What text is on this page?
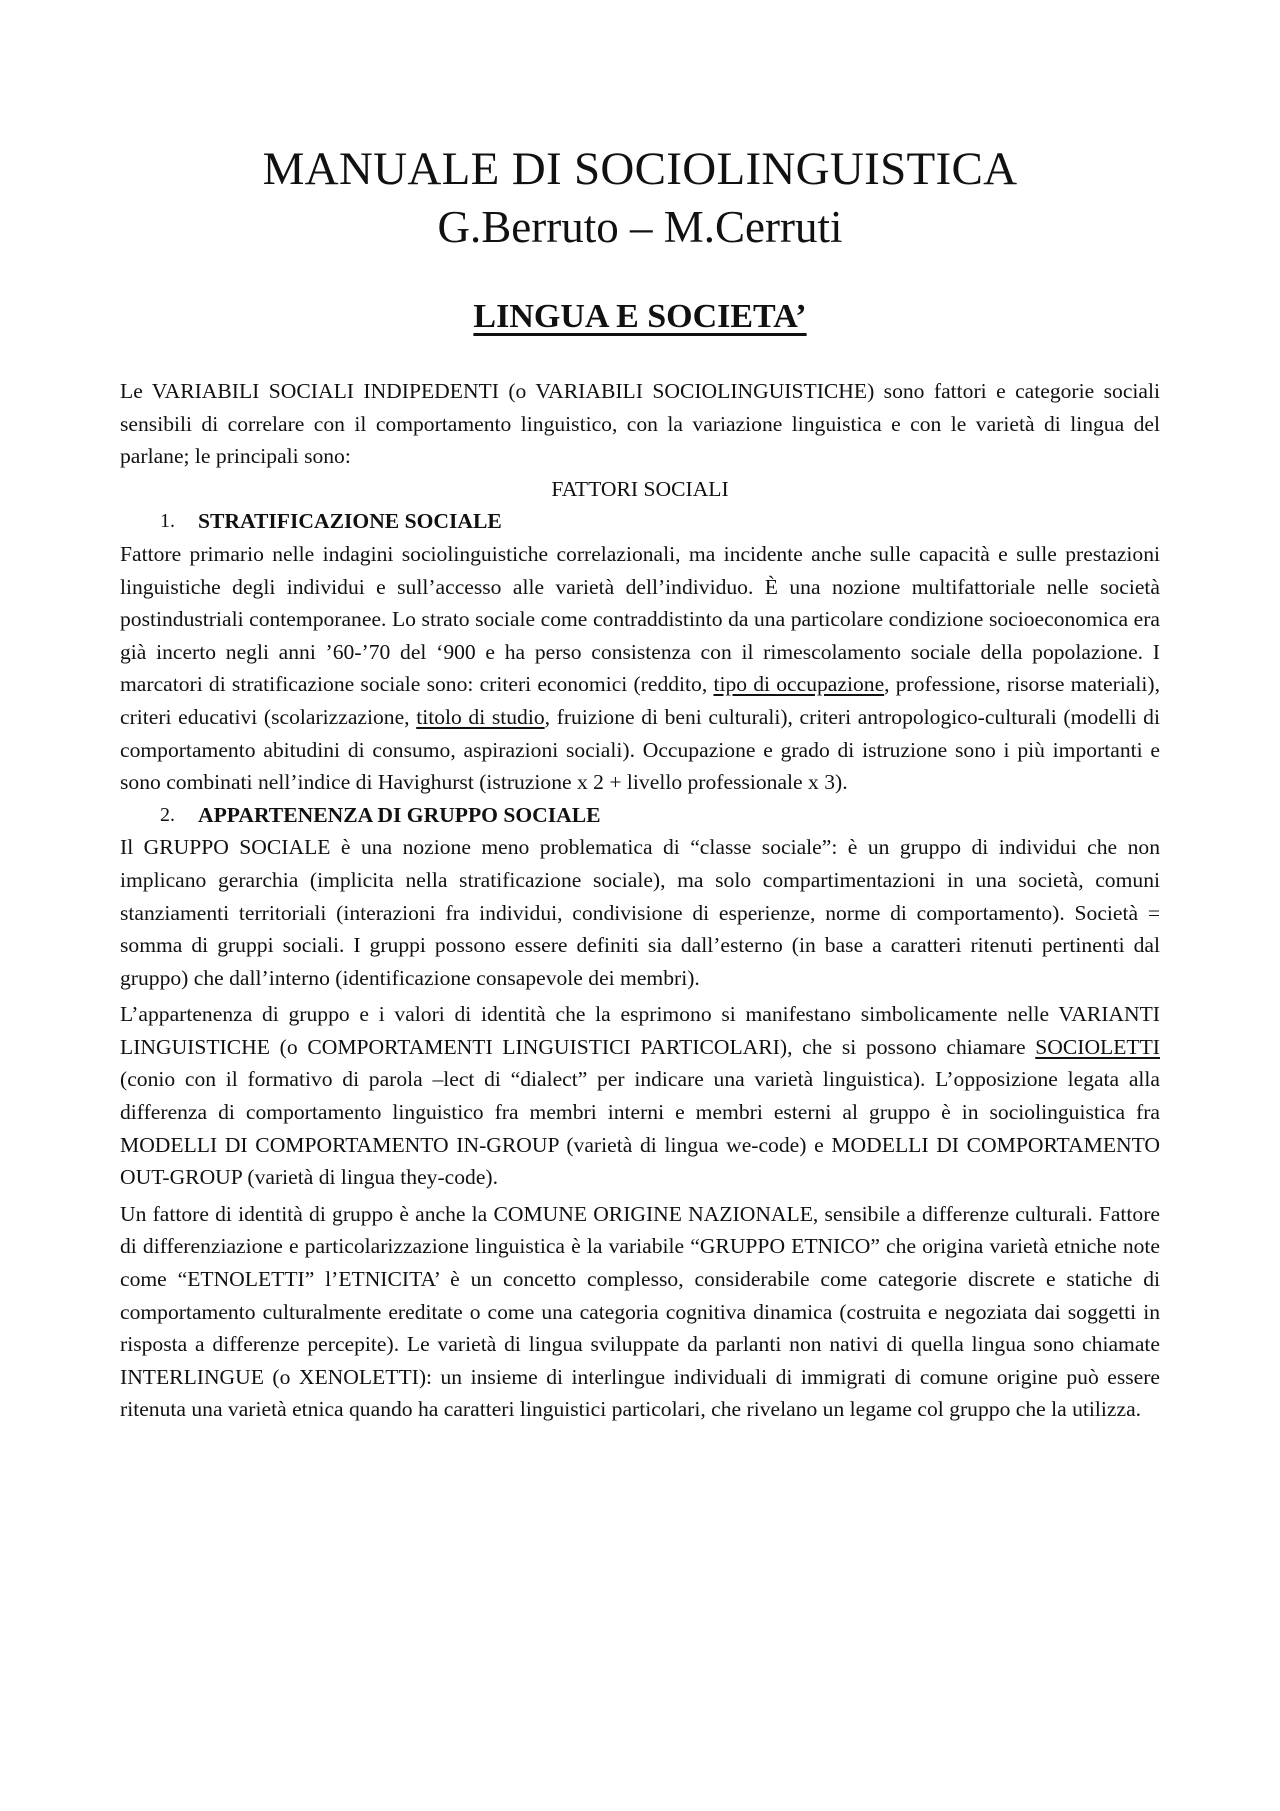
MANUALE DI SOCIOLINGUISTICA
G.Berruto – M.Cerruti
LINGUA E SOCIETA’

Le VARIABILI SOCIALI INDIPEDENTI (o VARIABILI SOCIOLINGUISTICHE) sono fattori e categorie sociali sensibili di correlare con il comportamento linguistico, con la variazione linguistica e con le varietà di lingua del parlane; le principali sono:

FATTORI SOCIALI

1. STRATIFICAZIONE SOCIALE

Fattore primario nelle indagini sociolinguistiche correlazionali, ma incidente anche sulle capacità e sulle prestazioni linguistiche degli individui e sull’accesso alle varietà dell’individuo. È una nozione multifattoriale nelle società postindustriali contemporanee. Lo strato sociale come contraddistinto da una particolare condizione socioeconomica era già incerto negli anni ’60-’70 del ‘900 e ha perso consistenza con il rimescolamento sociale della popolazione. I marcatori di stratificazione sociale sono: criteri economici (reddito, tipo di occupazione, professione, risorse materiali), criteri educativi (scolarizzazione, titolo di studio, fruizione di beni culturali), criteri antropologico-culturali (modelli di comportamento abitudini di consumo, aspirazioni sociali). Occupazione e grado di istruzione sono i più importanti e sono combinati nell’indice di Havighurst (istruzione x 2 + livello professionale x 3).

2. APPARTENENZA DI GRUPPO SOCIALE

Il GRUPPO SOCIALE è una nozione meno problematica di “classe sociale”: è un gruppo di individui che non implicano gerarchia (implicita nella stratificazione sociale), ma solo compartimentazioni in una società, comuni stanziamenti territoriali (interazioni fra individui, condivisione di esperienze, norme di comportamento). Società = somma di gruppi sociali. I gruppi possono essere definiti sia dall’esterno (in base a caratteri ritenuti pertinenti dal gruppo) che dall’interno (identificazione consapevole dei membri).

L’appartenenza di gruppo e i valori di identità che la esprimono si manifestano simbolicamente nelle VARIANTI LINGUISTICHE (o COMPORTAMENTI LINGUISTICI PARTICOLARI), che si possono chiamare SOCIOLETTI (conio con il formativo di parola –lect di “dialect” per indicare una varietà linguistica). L’opposizione legata alla differenza di comportamento linguistico fra membri interni e membri esterni al gruppo è in sociolinguistica fra MODELLI DI COMPORTAMENTO IN-GROUP (varietà di lingua we-code) e MODELLI DI COMPORTAMENTO OUT-GROUP (varietà di lingua they-code).

Un fattore di identità di gruppo è anche la COMUNE ORIGINE NAZIONALE, sensibile a differenze culturali. Fattore di differenziazione e particolarizzazione linguistica è la variabile “GRUPPO ETNICO” che origina varietà etniche note come “ETNOLETTI” l’ETNICITA’ è un concetto complesso, considerabile come categorie discrete e statiche di comportamento culturalmente ereditate o come una categoria cognitiva dinamica (costruita e negoziata dai soggetti in risposta a differenze percepite). Le varietà di lingua sviluppate da parlanti non nativi di quella lingua sono chiamate INTERLINGUE (o XENOLETTI): un insieme di interlingue individuali di immigrati di comune origine può essere ritenuta una varietà etnica quando ha caratteri linguistici particolari, che rivelano un legame col gruppo che la utilizza.
